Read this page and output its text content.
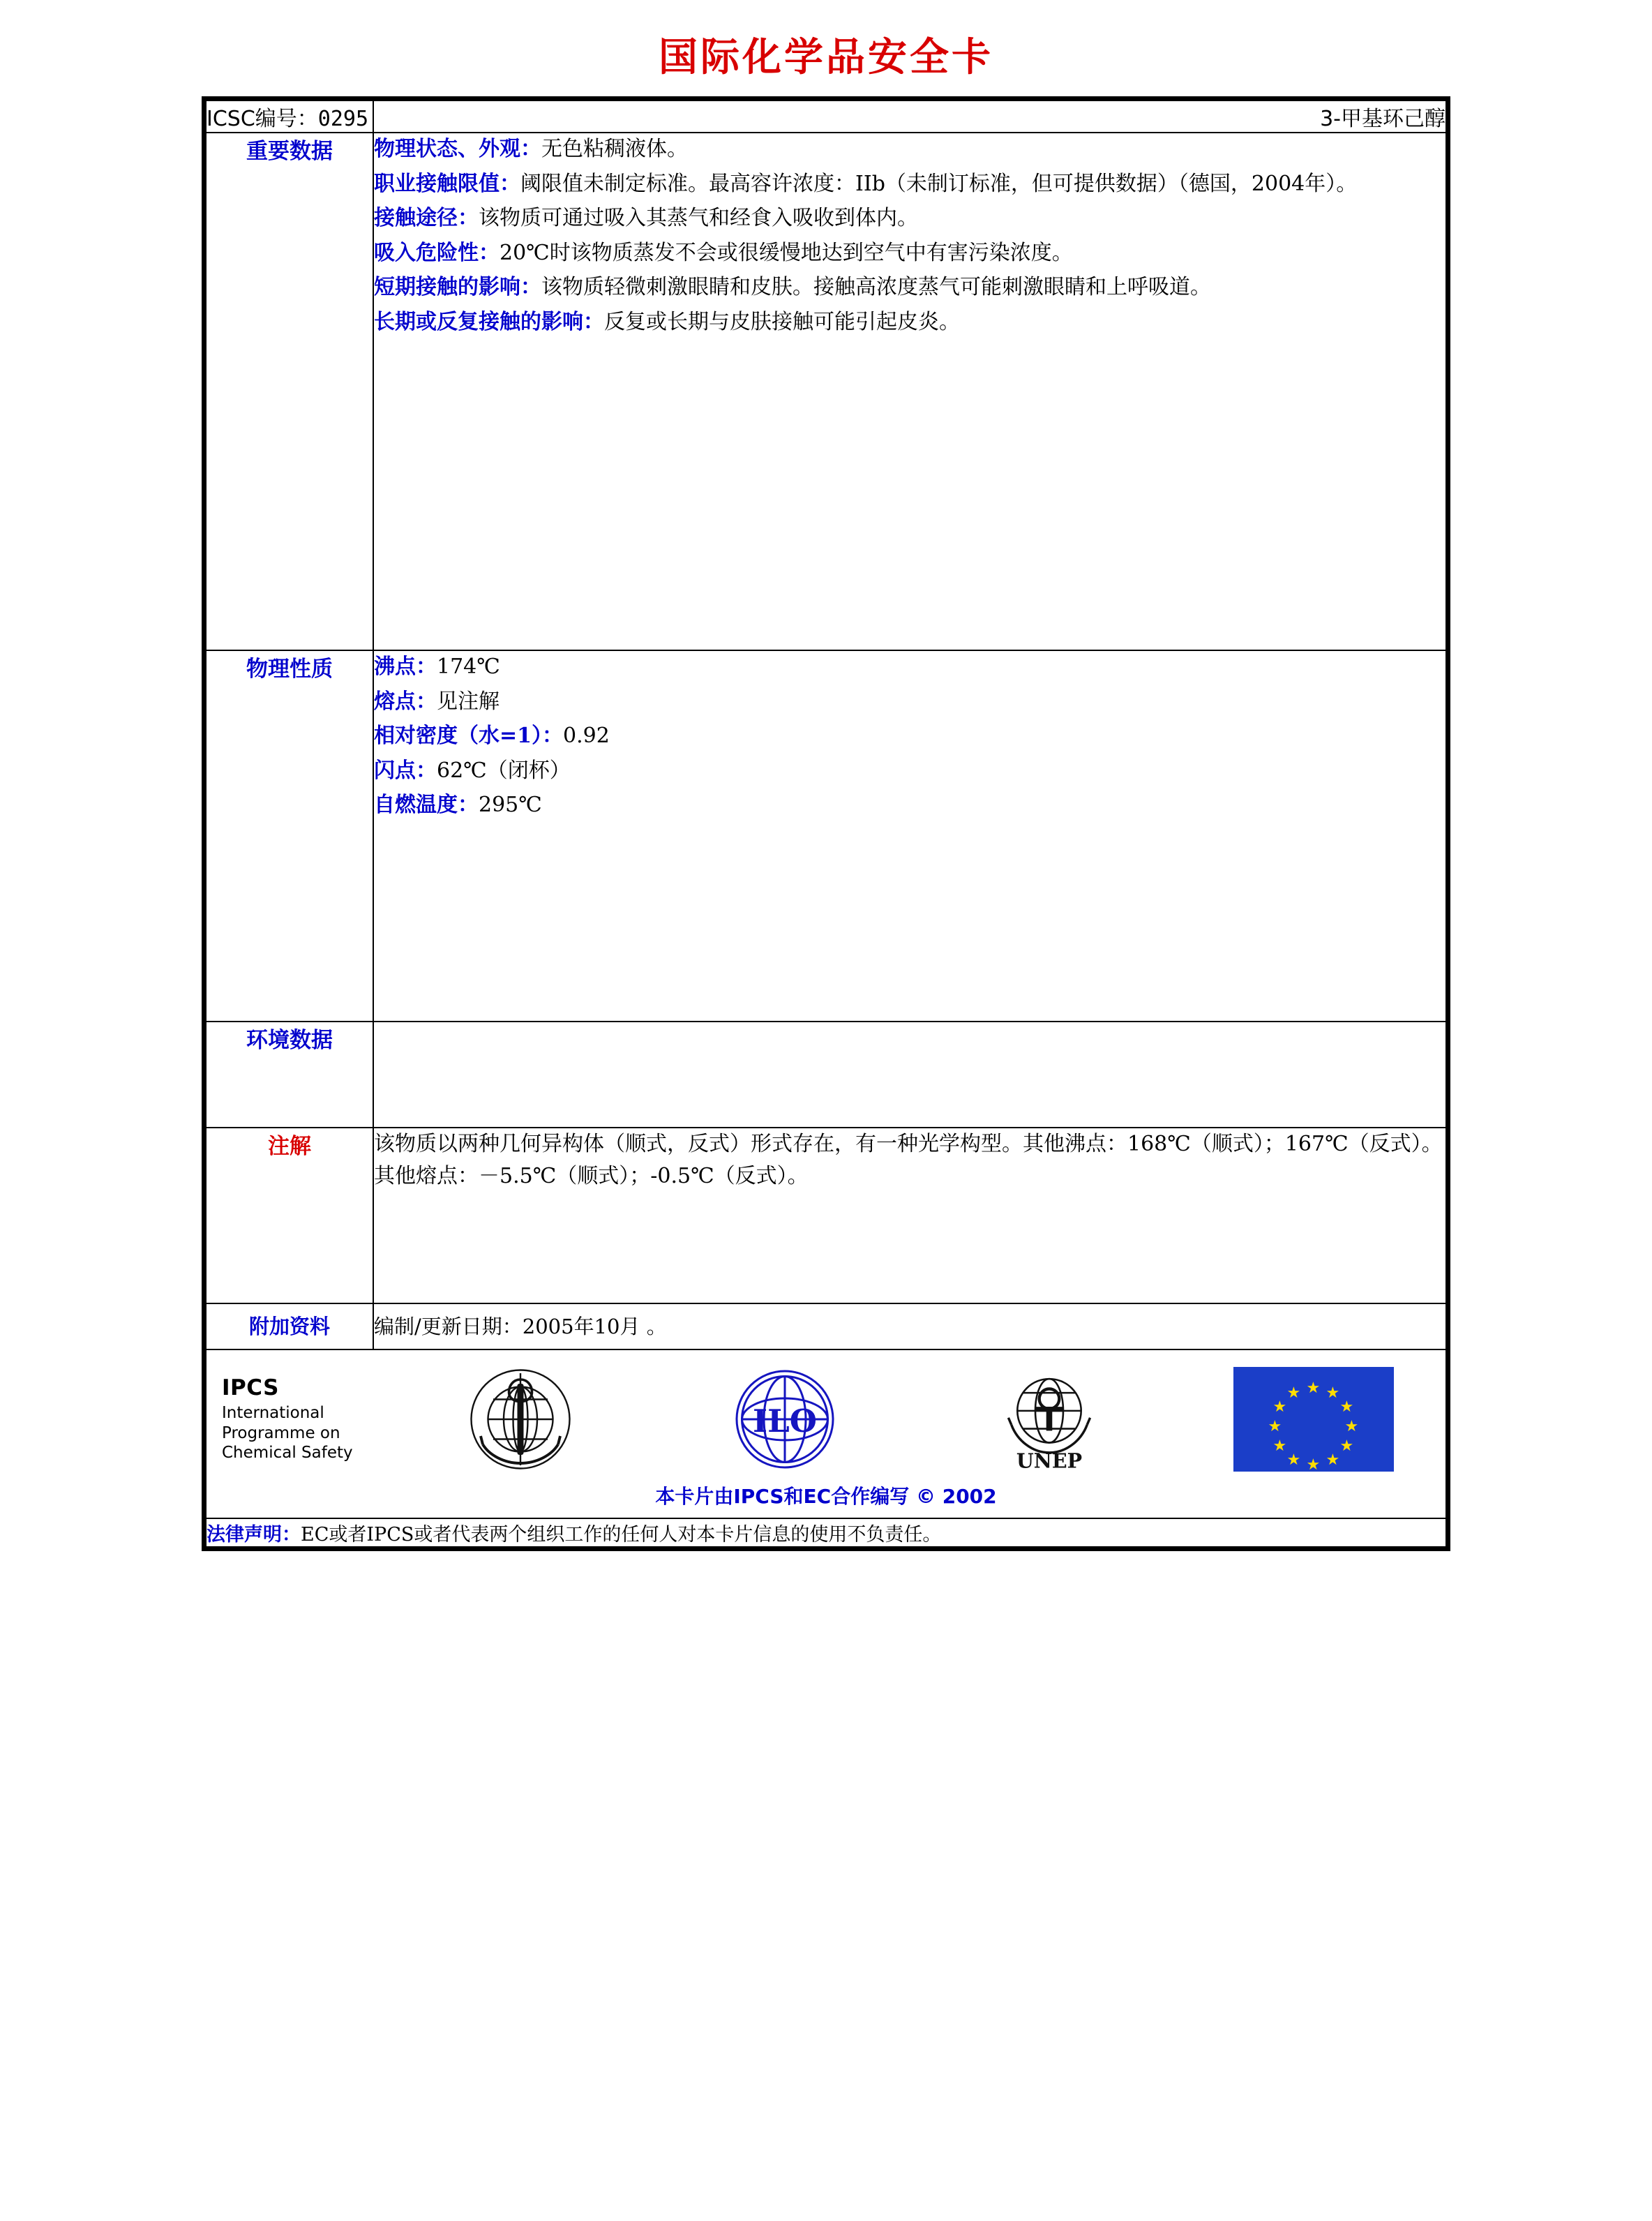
国际化学品安全卡
ICSC编号：0295	3-甲基环己醇
重要数据	物理状态、外观：无色粘稠液体。

职业接触限值：阈限值未制定标准。最高容许浓度：IIb（未制订标准，但可提供数据）（德国，2004年）。

接触途径：该物质可通过吸入其蒸气和经食入吸收到体内。

吸入危险性：20℃时该物质蒸发不会或很缓慢地达到空气中有害污染浓度。

短期接触的影响：该物质轻微刺激眼睛和皮肤。接触高浓度蒸气可能刺激眼睛和上呼吸道。

长期或反复接触的影响：反复或长期与皮肤接触可能引起皮炎。

物理性质	沸点：174℃

熔点：见注解

相对密度（水=1）：0.92

闪点：62℃（闭杯）

自燃温度：295℃

环境数据	
注解	该物质以两种几何异构体（顺式，反式）形式存在，有一种光学构型。其他沸点：168℃（顺式）；167℃（反式）。其他熔点：－5.5℃（顺式）；-0.5℃（反式）。

附加资料	编制/更新日期：2005年10月 。

IPCS
International
Programme on
Chemical Safety
ILO
UNEP
★ ★
★
★
★
★
★
★
★
★
★
★
本卡片由IPCS和EC合作编写 © 2002

法律声明：EC或者IPCS或者代表两个组织工作的任何人对本卡片信息的使用不负责任。	
